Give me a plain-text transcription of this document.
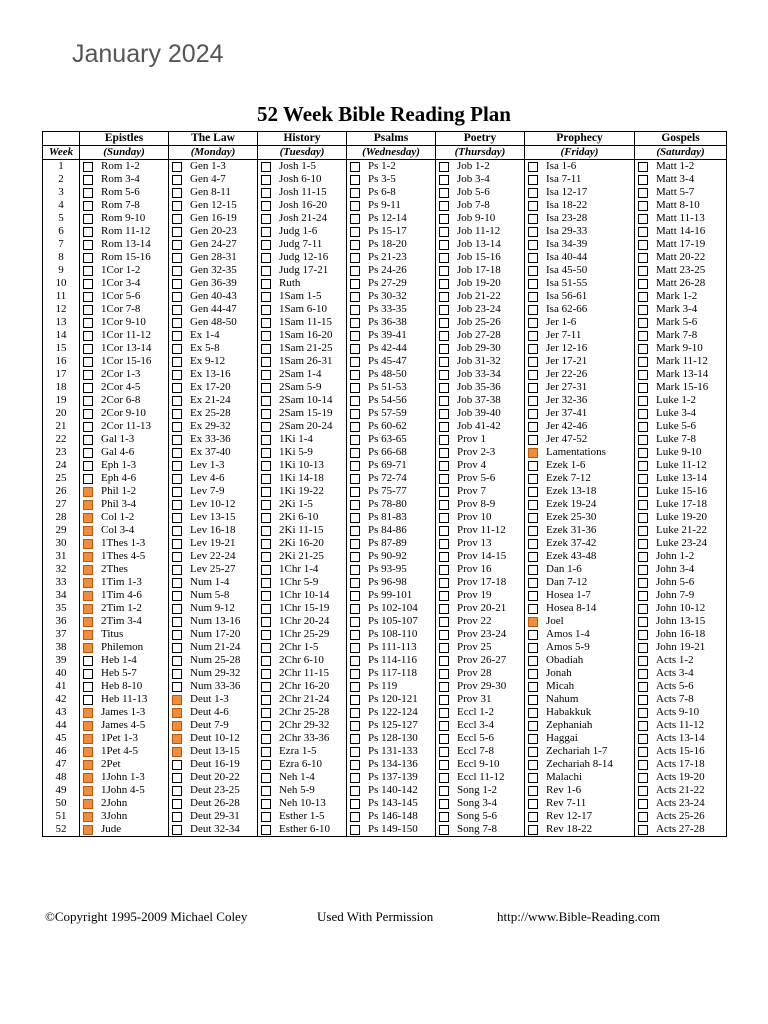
January 2024
52 Week Bible Reading Plan
	Epistles	The Law	History	Psalms	Poetry	Prophecy	Gospels
Week	(Sunday)	(Monday)	(Tuesday)	(Wednesday)	(Thursday)	(Friday)	(Saturday)
1	Rom 1-2	Gen 1-3	Josh 1-5	Ps 1-2	Job 1-2	Isa 1-6	Matt 1-2

2	Rom 3-4	Gen 4-7	Josh 6-10	Ps 3-5	Job 3-4	Isa 7-11	Matt 3-4

3	Rom 5-6	Gen 8-11	Josh 11-15	Ps 6-8	Job 5-6	Isa 12-17	Matt 5-7

4	Rom 7-8	Gen 12-15	Josh 16-20	Ps 9-11	Job 7-8	Isa 18-22	Matt 8-10

5	Rom 9-10	Gen 16-19	Josh 21-24	Ps 12-14	Job 9-10	Isa 23-28	Matt 11-13

6	Rom 11-12	Gen 20-23	Judg 1-6	Ps 15-17	Job 11-12	Isa 29-33	Matt 14-16

7	Rom 13-14	Gen 24-27	Judg 7-11	Ps 18-20	Job 13-14	Isa 34-39	Matt 17-19

8	Rom 15-16	Gen 28-31	Judg 12-16	Ps 21-23	Job 15-16	Isa 40-44	Matt 20-22

9	1Cor 1-2	Gen 32-35	Judg 17-21	Ps 24-26	Job 17-18	Isa 45-50	Matt 23-25

10	1Cor 3-4	Gen 36-39	Ruth	Ps 27-29	Job 19-20	Isa 51-55	Matt 26-28

11	1Cor 5-6	Gen 40-43	1Sam 1-5	Ps 30-32	Job 21-22	Isa 56-61	Mark 1-2

12	1Cor 7-8	Gen 44-47	1Sam 6-10	Ps 33-35	Job 23-24	Isa 62-66	Mark 3-4

13	1Cor 9-10	Gen 48-50	1Sam 11-15	Ps 36-38	Job 25-26	Jer 1-6	Mark 5-6

14	1Cor 11-12	Ex 1-4	1Sam 16-20	Ps 39-41	Job 27-28	Jer 7-11	Mark 7-8

15	1Cor 13-14	Ex 5-8	1Sam 21-25	Ps 42-44	Job 29-30	Jer 12-16	Mark 9-10

16	1Cor 15-16	Ex 9-12	1Sam 26-31	Ps 45-47	Job 31-32	Jer 17-21	Mark 11-12

17	2Cor 1-3	Ex 13-16	2Sam 1-4	Ps 48-50	Job 33-34	Jer 22-26	Mark 13-14

18	2Cor 4-5	Ex 17-20	2Sam 5-9	Ps 51-53	Job 35-36	Jer 27-31	Mark 15-16

19	2Cor 6-8	Ex 21-24	2Sam 10-14	Ps 54-56	Job 37-38	Jer 32-36	Luke 1-2

20	2Cor 9-10	Ex 25-28	2Sam 15-19	Ps 57-59	Job 39-40	Jer 37-41	Luke 3-4

21	2Cor 11-13	Ex 29-32	2Sam 20-24	Ps 60-62	Job 41-42	Jer 42-46	Luke 5-6

22	Gal 1-3	Ex 33-36	1Ki 1-4	Ps 63-65	Prov 1	Jer 47-52	Luke 7-8

23	Gal 4-6	Ex 37-40	1Ki 5-9	Ps 66-68	Prov 2-3	Lamentations	Luke 9-10

24	Eph 1-3	Lev 1-3	1Ki 10-13	Ps 69-71	Prov 4	Ezek 1-6	Luke 11-12

25	Eph 4-6	Lev 4-6	1Ki 14-18	Ps 72-74	Prov 5-6	Ezek 7-12	Luke 13-14

26	Phil 1-2	Lev 7-9	1Ki 19-22	Ps 75-77	Prov 7	Ezek 13-18	Luke 15-16

27	Phil 3-4	Lev 10-12	2Ki 1-5	Ps 78-80	Prov 8-9	Ezek 19-24	Luke 17-18

28	Col 1-2	Lev 13-15	2Ki 6-10	Ps 81-83	Prov 10	Ezek 25-30	Luke 19-20

29	Col 3-4	Lev 16-18	2Ki 11-15	Ps 84-86	Prov 11-12	Ezek 31-36	Luke 21-22

30	1Thes 1-3	Lev 19-21	2Ki 16-20	Ps 87-89	Prov 13	Ezek 37-42	Luke 23-24

31	1Thes 4-5	Lev 22-24	2Ki 21-25	Ps 90-92	Prov 14-15	Ezek 43-48	John 1-2

32	2Thes	Lev 25-27	1Chr 1-4	Ps 93-95	Prov 16	Dan 1-6	John 3-4

33	1Tim 1-3	Num 1-4	1Chr 5-9	Ps 96-98	Prov 17-18	Dan 7-12	John 5-6

34	1Tim 4-6	Num 5-8	1Chr 10-14	Ps 99-101	Prov 19	Hosea 1-7	John 7-9

35	2Tim 1-2	Num 9-12	1Chr 15-19	Ps 102-104	Prov 20-21	Hosea 8-14	John 10-12

36	2Tim 3-4	Num 13-16	1Chr 20-24	Ps 105-107	Prov 22	Joel	John 13-15

37	Titus	Num 17-20	1Chr 25-29	Ps 108-110	Prov 23-24	Amos 1-4	John 16-18

38	Philemon	Num 21-24	2Chr 1-5	Ps 111-113	Prov 25	Amos 5-9	John 19-21

39	Heb 1-4	Num 25-28	2Chr 6-10	Ps 114-116	Prov 26-27	Obadiah	Acts 1-2

40	Heb 5-7	Num 29-32	2Chr 11-15	Ps 117-118	Prov 28	Jonah	Acts 3-4

41	Heb 8-10	Num 33-36	2Chr 16-20	Ps 119	Prov 29-30	Micah	Acts 5-6

42	Heb 11-13	Deut 1-3	2Chr 21-24	Ps 120-121	Prov 31	Nahum	Acts 7-8

43	James 1-3	Deut 4-6	2Chr 25-28	Ps 122-124	Eccl 1-2	Habakkuk	Acts 9-10

44	James 4-5	Deut 7-9	2Chr 29-32	Ps 125-127	Eccl 3-4	Zephaniah	Acts 11-12

45	1Pet 1-3	Deut 10-12	2Chr 33-36	Ps 128-130	Eccl 5-6	Haggai	Acts 13-14

46	1Pet 4-5	Deut 13-15	Ezra 1-5	Ps 131-133	Eccl 7-8	Zechariah 1-7	Acts 15-16

47	2Pet	Deut 16-19	Ezra 6-10	Ps 134-136	Eccl 9-10	Zechariah 8-14	Acts 17-18

48	1John 1-3	Deut 20-22	Neh 1-4	Ps 137-139	Eccl 11-12	Malachi	Acts 19-20

49	1John 4-5	Deut 23-25	Neh 5-9	Ps 140-142	Song 1-2	Rev 1-6	Acts 21-22

50	2John	Deut 26-28	Neh 10-13	Ps 143-145	Song 3-4	Rev 7-11	Acts 23-24

51	3John	Deut 29-31	Esther 1-5	Ps 146-148	Song 5-6	Rev 12-17	Acts 25-26

52	Jude	Deut 32-34	Esther 6-10	Ps 149-150	Song 7-8	Rev 18-22	Acts 27-28
©Copyright 1995-2009 Michael Coley	Used With Permission	http://www.Bible-Reading.com
